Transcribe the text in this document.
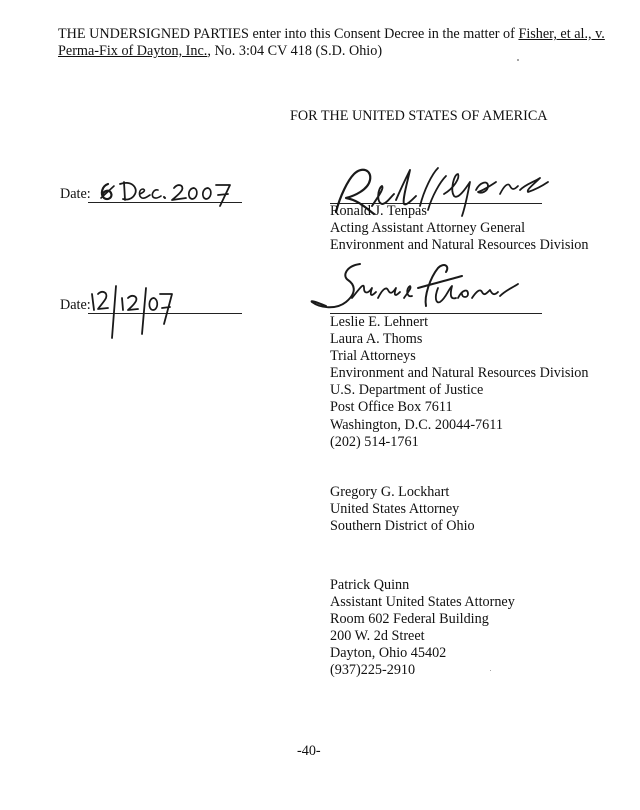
THE UNDERSIGNED PARTIES enter into this Consent Decree in the matter of Fisher, et al., v.
Perma-Fix of Dayton, Inc., No. 3:04 CV 418 (S.D. Ohio)
FOR THE UNITED STATES OF AMERICA
Date:
Ronald J. Tenpas
Acting Assistant Attorney General
Environment and Natural Resources Division
Date:
Leslie E. Lehnert
Laura A. Thoms
Trial Attorneys
Environment and Natural Resources Division
U.S. Department of Justice
Post Office Box 7611
Washington, D.C. 20044-7611
(202) 514-1761
Gregory G. Lockhart
United States Attorney
Southern District of Ohio
Patrick Quinn
Assistant United States Attorney
Room 602 Federal Building
200 W. 2d Street
Dayton, Ohio 45402
(937)225-2910
-40-
